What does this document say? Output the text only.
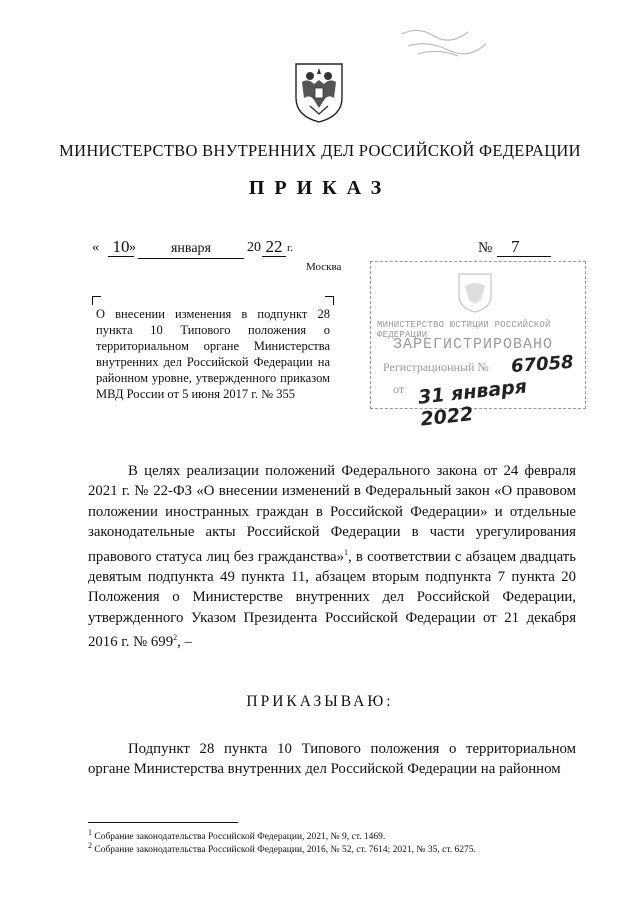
МИНИСТЕРСТВО ВНУТРЕННИХ ДЕЛ РОССИЙСКОЙ ФЕДЕРАЦИИ
ПРИКАЗ
« 10 »	января	20 22 г.	№	7
Москва
О внесении изменения в подпункт 28 пункта 10 Типового положения о территориальном органе Министерства внутренних дел Российской Федерации на районном уровне, утвержденного приказом МВД России от 5 июня 2017 г. № 355
МИНИСТЕРСТВО ЮСТИЦИИ РОССИЙСКОЙ ФЕДЕРАЦИИ
ЗАРЕГИСТРИРОВАНО
Регистрационный № 67058
от 31 января 2022
В целях реализации положений Федерального закона от 24 февраля 2021 г. № 22-ФЗ «О внесении изменений в Федеральный закон «О правовом положении иностранных граждан в Российской Федерации» и отдельные законодательные акты Российской Федерации в части урегулирования правового статуса лиц без гражданства»$^1$, в соответствии с абзацем двадцать девятым подпункта 49 пункта 11, абзацем вторым подпункта 7 пункта 20 Положения о Министерстве внутренних дел Российской Федерации, утвержденного Указом Президента Российской Федерации от 21 декабря 2016 г. № $699^2$, –
ПРИКАЗЫВАЮ:
Подпункт 28 пункта 10 Типового положения о территориальном органе Министерства внутренних дел Российской Федерации на районном
$^1$ Собрание законодательства Российской Федерации, 2021, № 9, ст. 1469.
$^2$ Собрание законодательства Российской Федерации, 2016, № 52, ст. 7614; 2021, № 35, ст. 6275.
